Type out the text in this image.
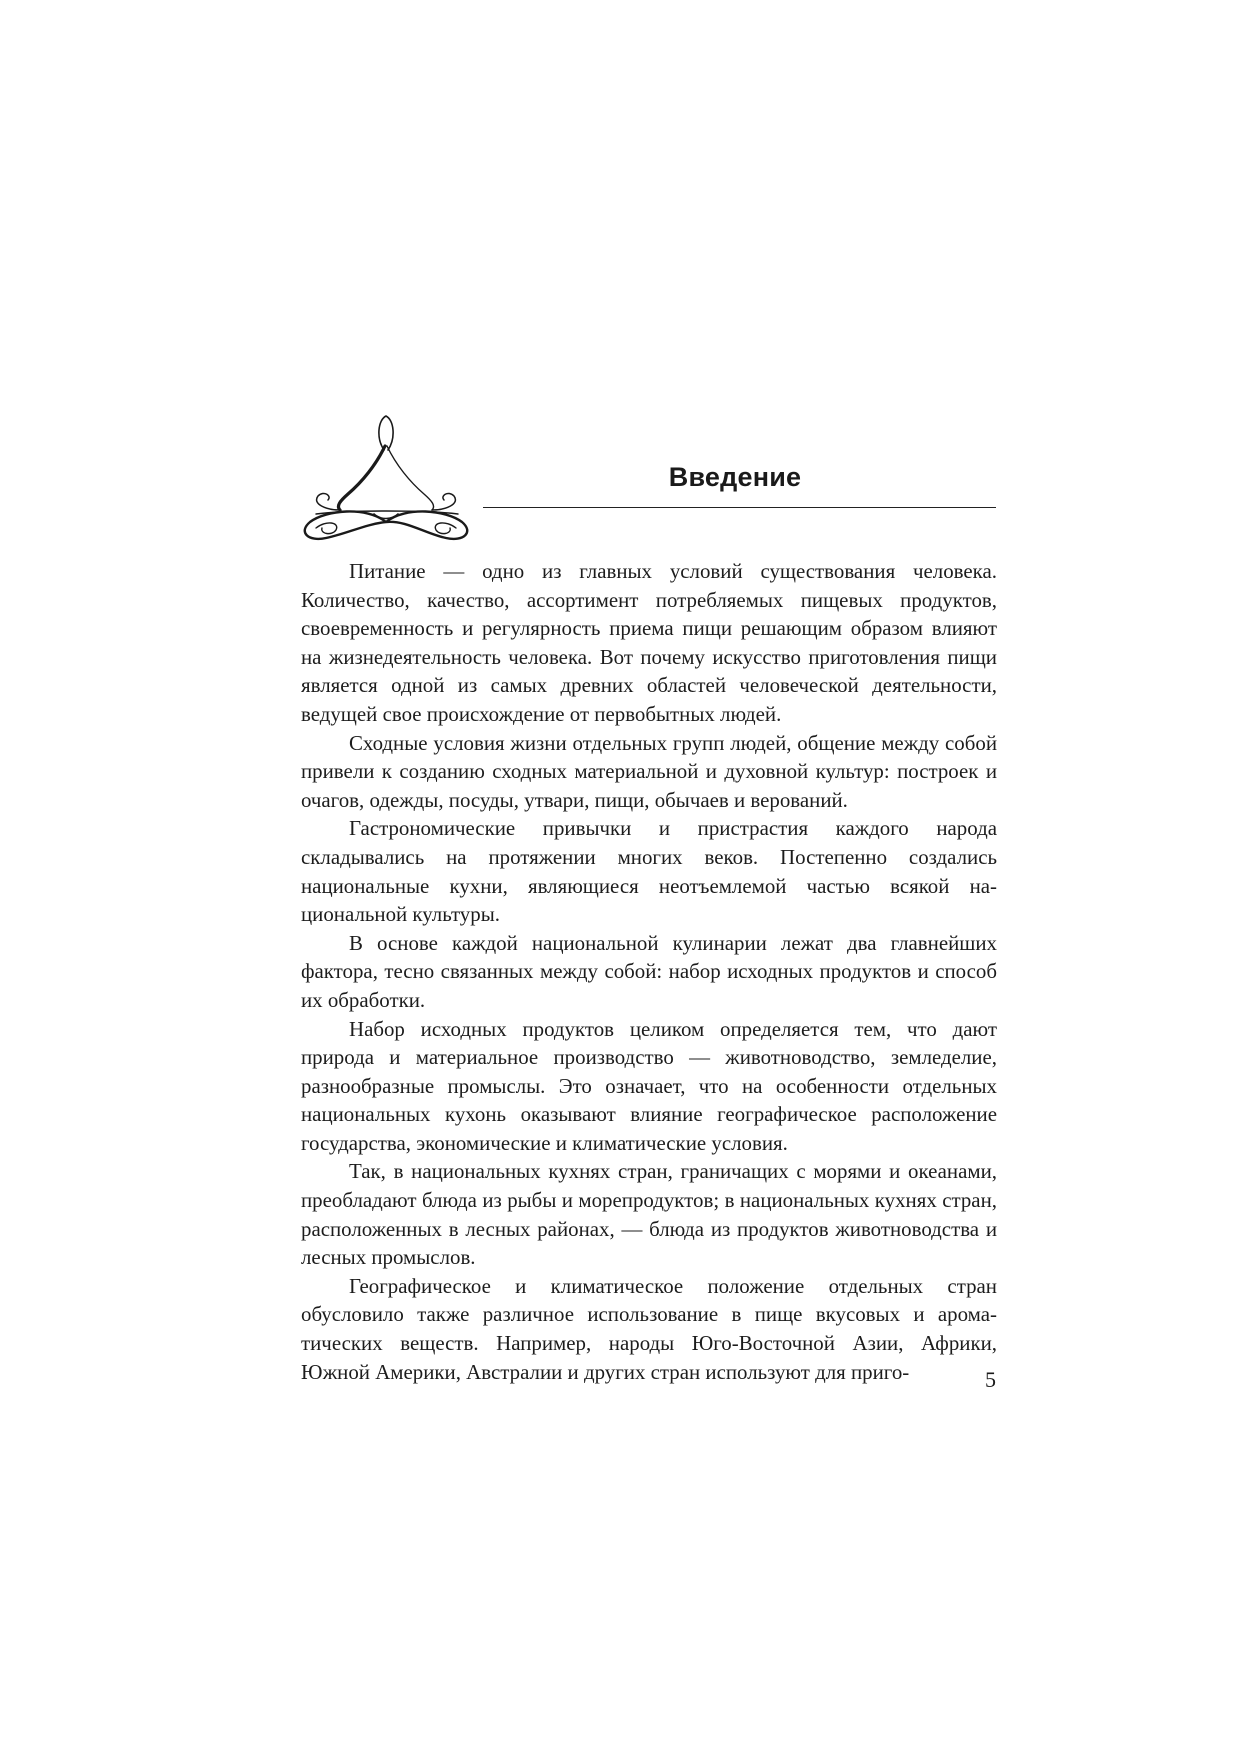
Введение

Питание — одно из главных условий существования человека. Количество, качество, ассортимент потребляемых пищевых продуктов, своевременность и регулярность приема пищи решающим образом влияют на жизнедеятельность человека. Вот почему искусство приготовления пищи является одной из самых древних областей человеческой деятельности, ведущей свое происхождение от первобытных людей.

Сходные условия жизни отдельных групп людей, общение между собой привели к созданию сходных материальной и духовной культур: построек и очагов, одежды, посуды, утвари, пищи, обычаев и верований.

Гастрономические привычки и пристрастия каждого народа складывались на протяжении многих веков. Постепенно создались национальные кухни, являющиеся неотъемлемой частью всякой национальной культуры.

В основе каждой национальной кулинарии лежат два главнейших фактора, тесно связанных между собой: набор исходных продуктов и способ их обработки.

Набор исходных продуктов целиком определяется тем, что дают природа и материальное производство — животноводство, земледелие, разнообразные промыслы. Это означает, что на особенности отдельных национальных кухонь оказывают влияние географическое расположение государства, экономические и климатические условия.

Так, в национальных кухнях стран, граничащих с морями и океанами, преобладают блюда из рыбы и морепродуктов; в национальных кухнях стран, расположенных в лесных районах, — блюда из продуктов животноводства и лесных промыслов.

Географическое и климатическое положение отдельных стран обусловило также различное использование в пище вкусовых и ароматических веществ. Например, народы Юго-Восточной Азии, Африки, Южной Америки, Австралии и других стран используют для приго-	5
